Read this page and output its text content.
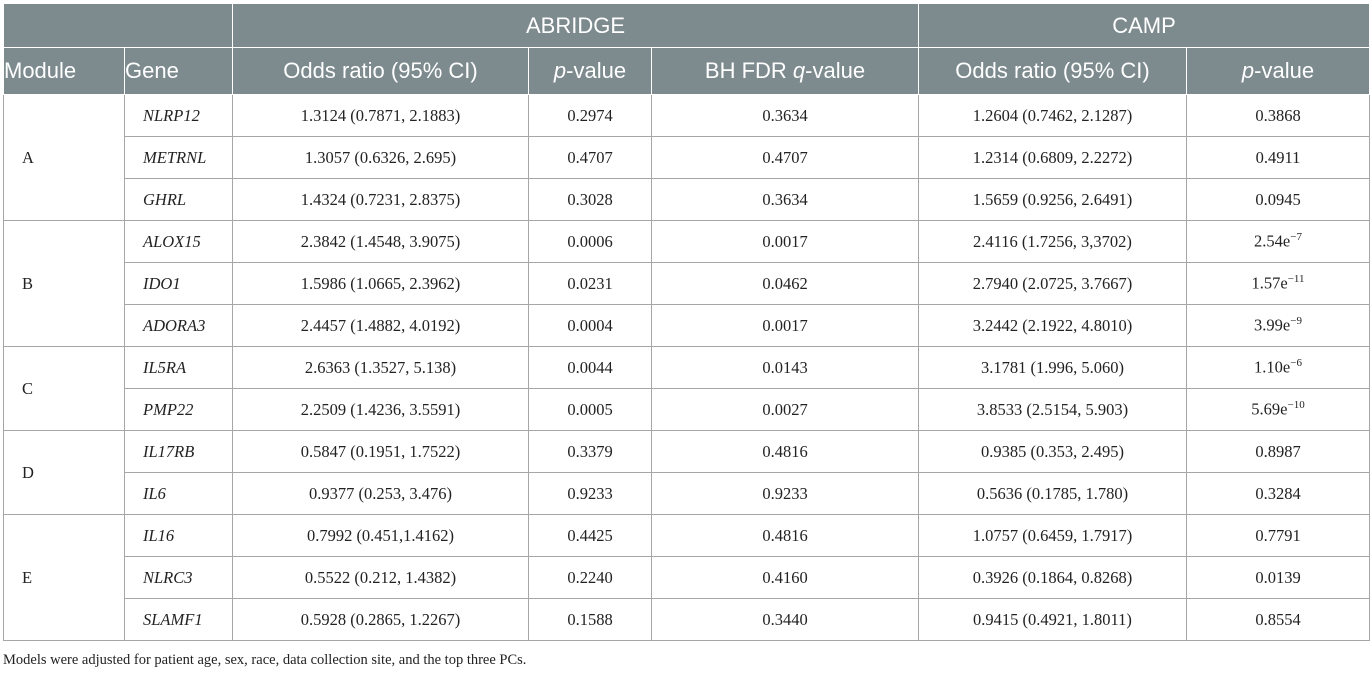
		ABRIDGE			CAMP	
Module	Gene	Odds ratio (95% CI)	p-value	BH FDR q-value	Odds ratio (95% CI)	p-value
A	NLRP12	1.3124 (0.7871, 2.1883)	0.2974	0.3634	1.2604 (0.7462, 2.1287)	0.3868
	METRNL	1.3057 (0.6326, 2.695)	0.4707	0.4707	1.2314 (0.6809, 2.2272)	0.4911
	GHRL	1.4324 (0.7231, 2.8375)	0.3028	0.3634	1.5659 (0.9256, 2.6491)	0.0945
B	ALOX15	2.3842 (1.4548, 3.9075)	0.0006	0.0017	2.4116 (1.7256, 3,3702)	$2.54e^{-7}$
	IDO1	1.5986 (1.0665, 2.3962)	0.0231	0.0462	2.7940 (2.0725, 3.7667)	$1.57e^{-11}$
	ADORA3	2.4457 (1.4882, 4.0192)	0.0004	0.0017	3.2442 (2.1922, 4.8010)	$3.99e^{-9}$
C	IL5RA	2.6363 (1.3527, 5.138)	0.0044	0.0143	3.1781 (1.996, 5.060)	$1.10e^{-6}$
	PMP22	2.2509 (1.4236, 3.5591)	0.0005	0.0027	3.8533 (2.5154, 5.903)	$5.69e^{-10}$
D	IL17RB	0.5847 (0.1951, 1.7522)	0.3379	0.4816	0.9385 (0.353, 2.495)	0.8987
	IL6	0.9377 (0.253, 3.476)	0.9233	0.9233	0.5636 (0.1785, 1.780)	0.3284
E	IL16	0.7992 (0.451,1.4162)	0.4425	0.4816	1.0757 (0.6459, 1.7917)	0.7791
	NLRC3	0.5522 (0.212, 1.4382)	0.2240	0.4160	0.3926 (0.1864, 0.8268)	0.0139
	SLAMF1	0.5928 (0.2865, 1.2267)	0.1588	0.3440	0.9415 (0.4921, 1.8011)	0.8554
Models were adjusted for patient age, sex, race, data collection site, and the top three PCs.
